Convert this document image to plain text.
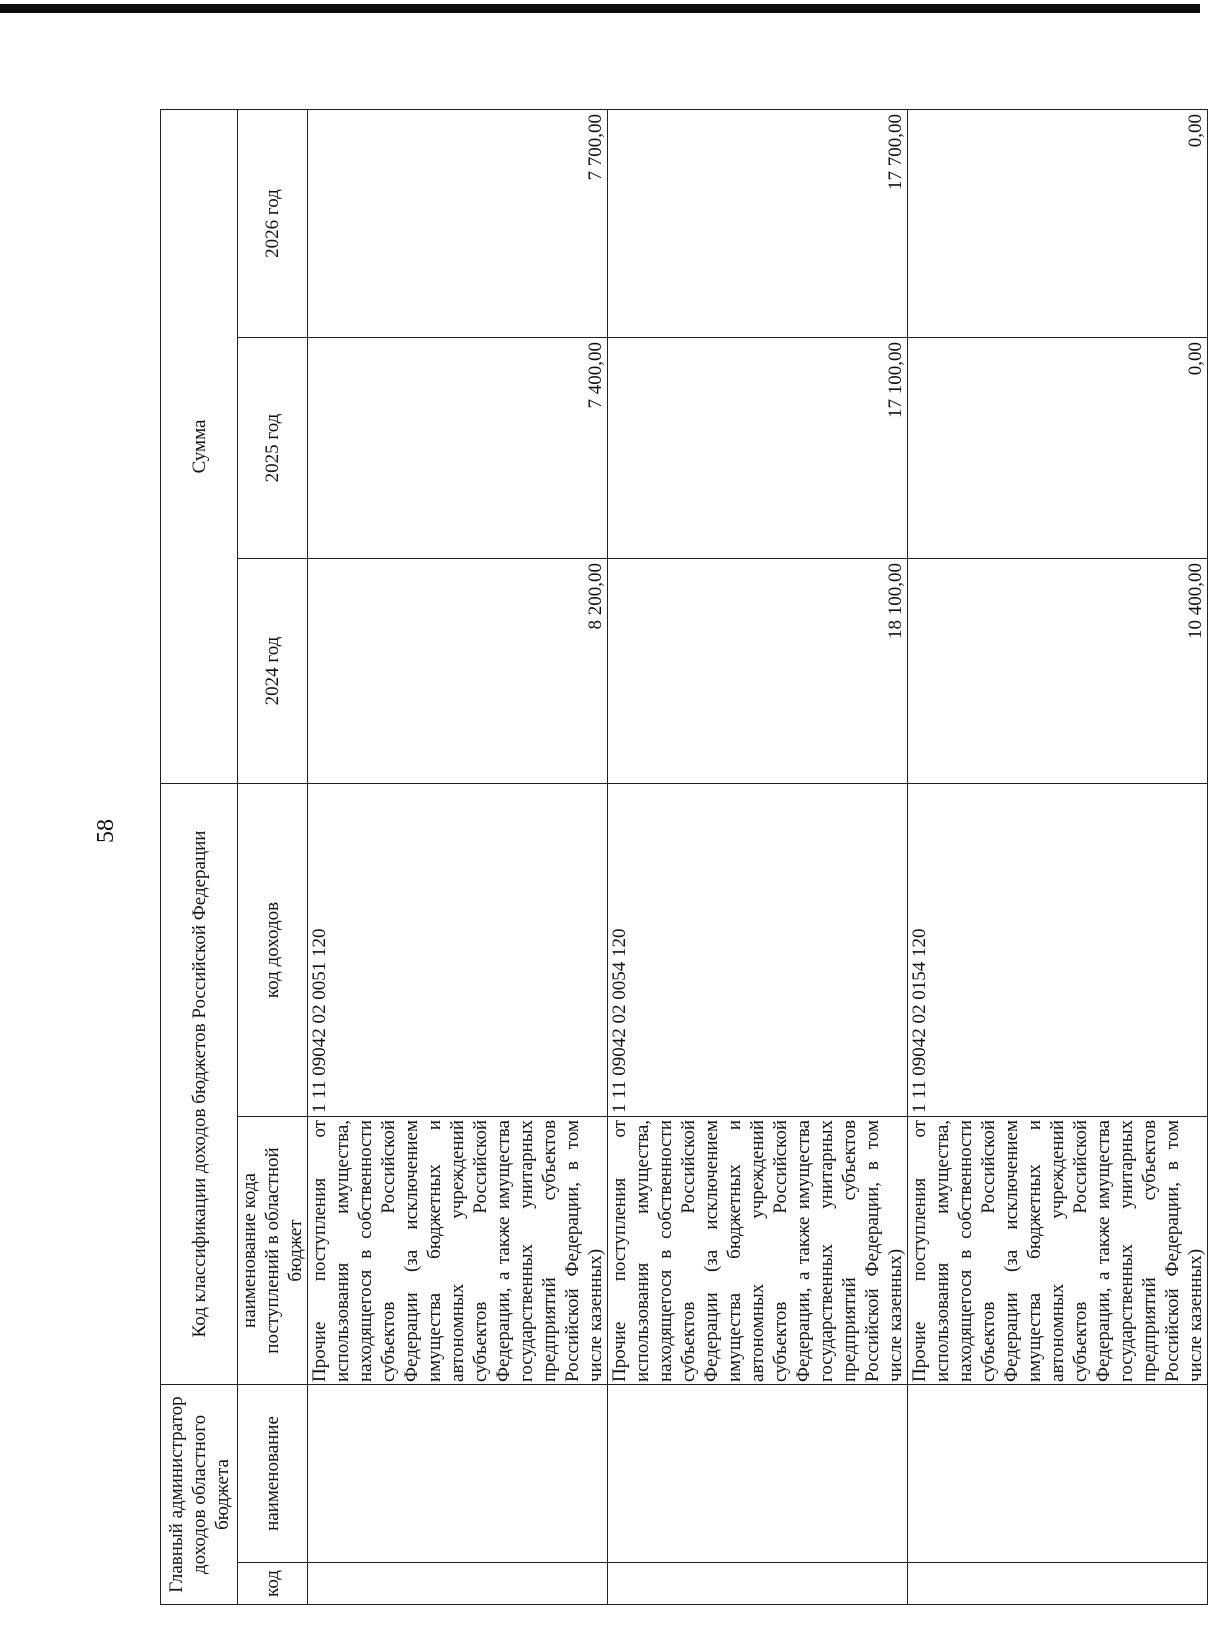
58
Главный администратор доходов областного бюджета		Код классификации доходов бюджетов Российской Федерации		Сумма		
код	наименование	наименование кода поступлений в областной бюджет	код доходов	2024 год	2025 год	2026 год
		Прочие поступления от использования имущества, находящегося в собственности субъектов Российской Федерации (за исключением имущества бюджетных и автономных учреждений субъектов Российской Федерации, а также имущества государственных унитарных предприятий субъектов Российской Федерации, в том числе казенных)	1 11 09042 02 0051 120	8 200,00	7 400,00	7 700,00
		Прочие поступления от использования имущества, находящегося в собственности субъектов Российской Федерации (за исключением имущества бюджетных и автономных учреждений субъектов Российской Федерации, а также имущества государственных унитарных предприятий субъектов Российской Федерации, в том числе казенных)	1 11 09042 02 0054 120	18 100,00	17 100,00	17 700,00
		Прочие поступления от использования имущества, находящегося в собственности субъектов Российской Федерации (за исключением имущества бюджетных и автономных учреждений субъектов Российской Федерации, а также имущества государственных унитарных предприятий субъектов Российской Федерации, в том числе казенных)	1 11 09042 02 0154 120	10 400,00	0,00	0,00
